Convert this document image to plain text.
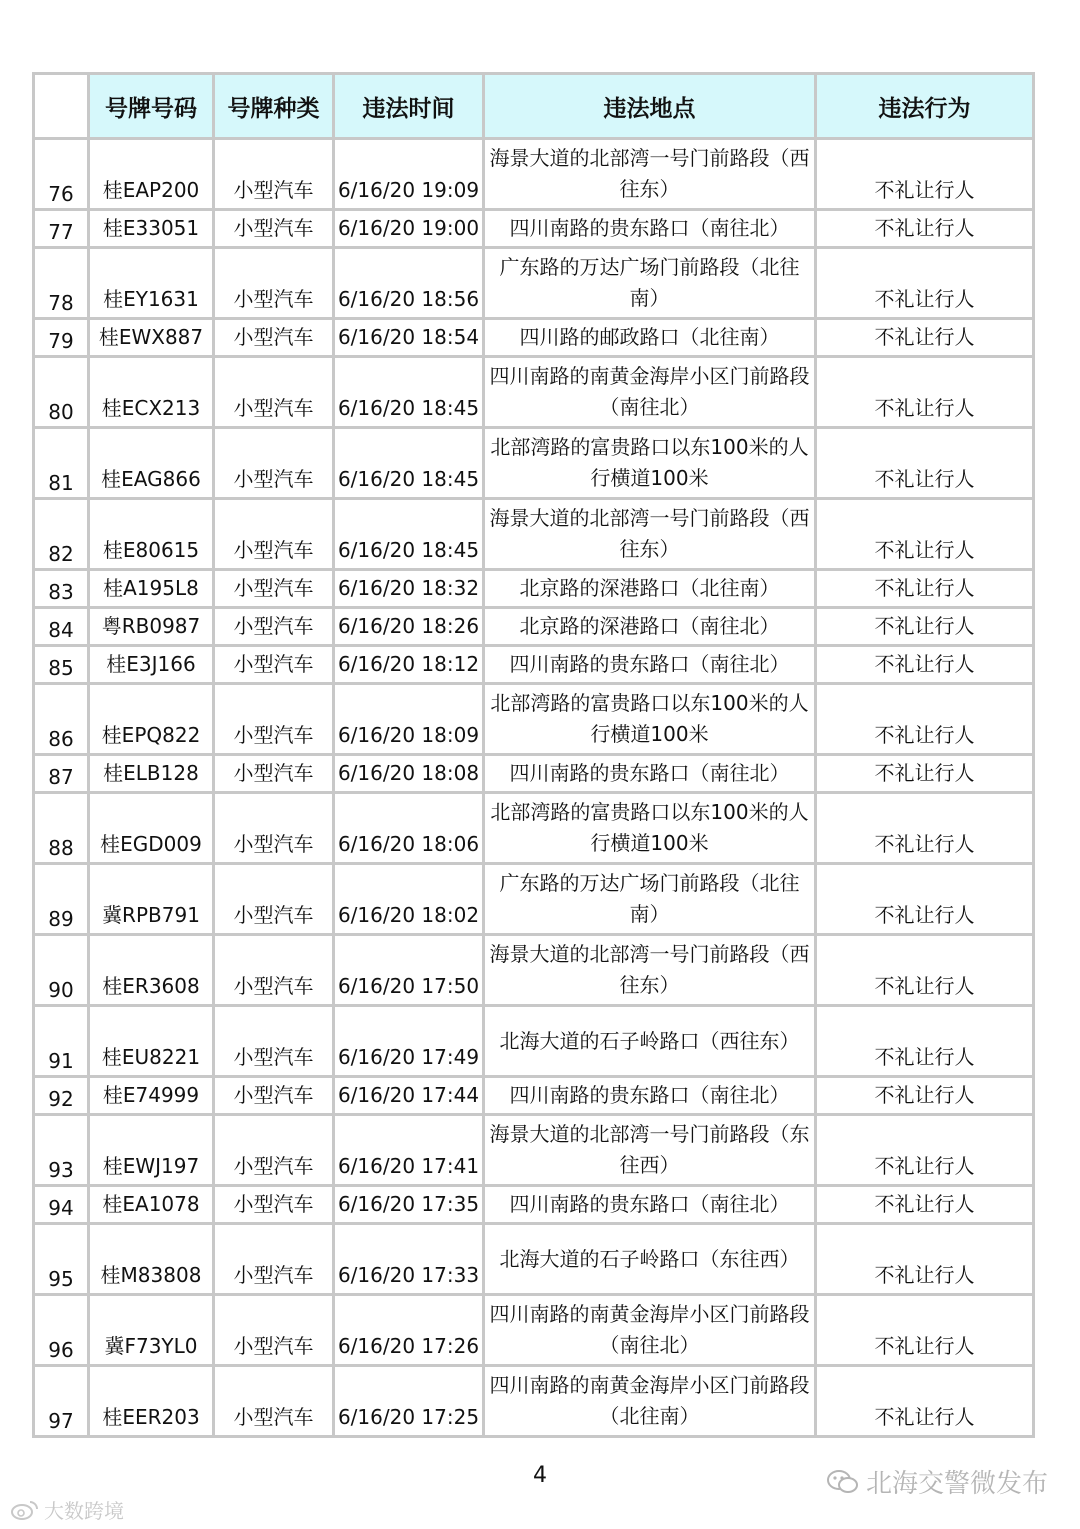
	号牌号码	号牌种类	违法时间	违法地点	违法行为
76	桂EAP200	小型汽车	6/16/20 19:09	海景大道的北部湾一号门前路段（西往东）	不礼让行人
77	桂E33051	小型汽车	6/16/20 19:00	四川南路的贵东路口（南往北）	不礼让行人
78	桂EY1631	小型汽车	6/16/20 18:56	广东路的万达广场门前路段（北往南）	不礼让行人
79	桂EWX887	小型汽车	6/16/20 18:54	四川路的邮政路口（北往南）	不礼让行人
80	桂ECX213	小型汽车	6/16/20 18:45	四川南路的南黄金海岸小区门前路段（南往北）	不礼让行人
81	桂EAG866	小型汽车	6/16/20 18:45	北部湾路的富贵路口以东100米的人行横道100米	不礼让行人
82	桂E80615	小型汽车	6/16/20 18:45	海景大道的北部湾一号门前路段（西往东）	不礼让行人
83	桂A195L8	小型汽车	6/16/20 18:32	北京路的深港路口（北往南）	不礼让行人
84	粤RB0987	小型汽车	6/16/20 18:26	北京路的深港路口（南往北）	不礼让行人
85	桂E3J166	小型汽车	6/16/20 18:12	四川南路的贵东路口（南往北）	不礼让行人
86	桂EPQ822	小型汽车	6/16/20 18:09	北部湾路的富贵路口以东100米的人行横道100米	不礼让行人
87	桂ELB128	小型汽车	6/16/20 18:08	四川南路的贵东路口（南往北）	不礼让行人
88	桂EGD009	小型汽车	6/16/20 18:06	北部湾路的富贵路口以东100米的人行横道100米	不礼让行人
89	冀RPB791	小型汽车	6/16/20 18:02	广东路的万达广场门前路段（北往南）	不礼让行人
90	桂ER3608	小型汽车	6/16/20 17:50	海景大道的北部湾一号门前路段（西往东）	不礼让行人
91	桂EU8221	小型汽车	6/16/20 17:49	北海大道的石子岭路口（西往东）	不礼让行人
92	桂E74999	小型汽车	6/16/20 17:44	四川南路的贵东路口（南往北）	不礼让行人
93	桂EWJ197	小型汽车	6/16/20 17:41	海景大道的北部湾一号门前路段（东往西）	不礼让行人
94	桂EA1078	小型汽车	6/16/20 17:35	四川南路的贵东路口（南往北）	不礼让行人
95	桂M83808	小型汽车	6/16/20 17:33	北海大道的石子岭路口（东往西）	不礼让行人
96	冀F73YL0	小型汽车	6/16/20 17:26	四川南路的南黄金海岸小区门前路段（南往北）	不礼让行人
97	桂EER203	小型汽车	6/16/20 17:25	四川南路的南黄金海岸小区门前路段（北往南）	不礼让行人
4	北海交警微发布
大数跨境
